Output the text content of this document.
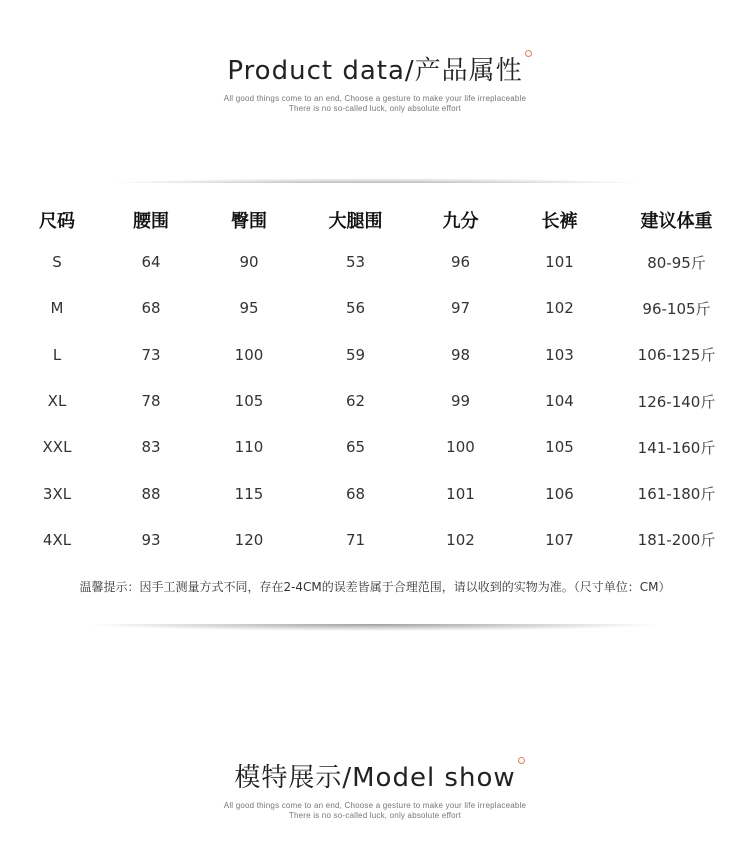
Product data/产品属性
All good things come to an end, Choose a gesture to make your life irreplaceable
There is no so-called luck, only absolute effort
尺码	腰围	臀围	大腿围	九分	长裤	建议体重
S	64	90	53	96	101	80-95斤
M	68	95	56	97	102	96-105斤
L	73	100	59	98	103	106-125斤
XL	78	105	62	99	104	126-140斤
XXL	83	110	65	100	105	141-160斤
3XL	88	115	68	101	106	161-180斤
4XL	93	120	71	102	107	181-200斤
温馨提示：因手工测量方式不同，存在2-4CM的误差皆属于合理范围，请以收到的实物为准。（尺寸单位：CM）
模特展示/Model show
All good things come to an end, Choose a gesture to make your life irreplaceable
There is no so-called luck, only absolute effort
